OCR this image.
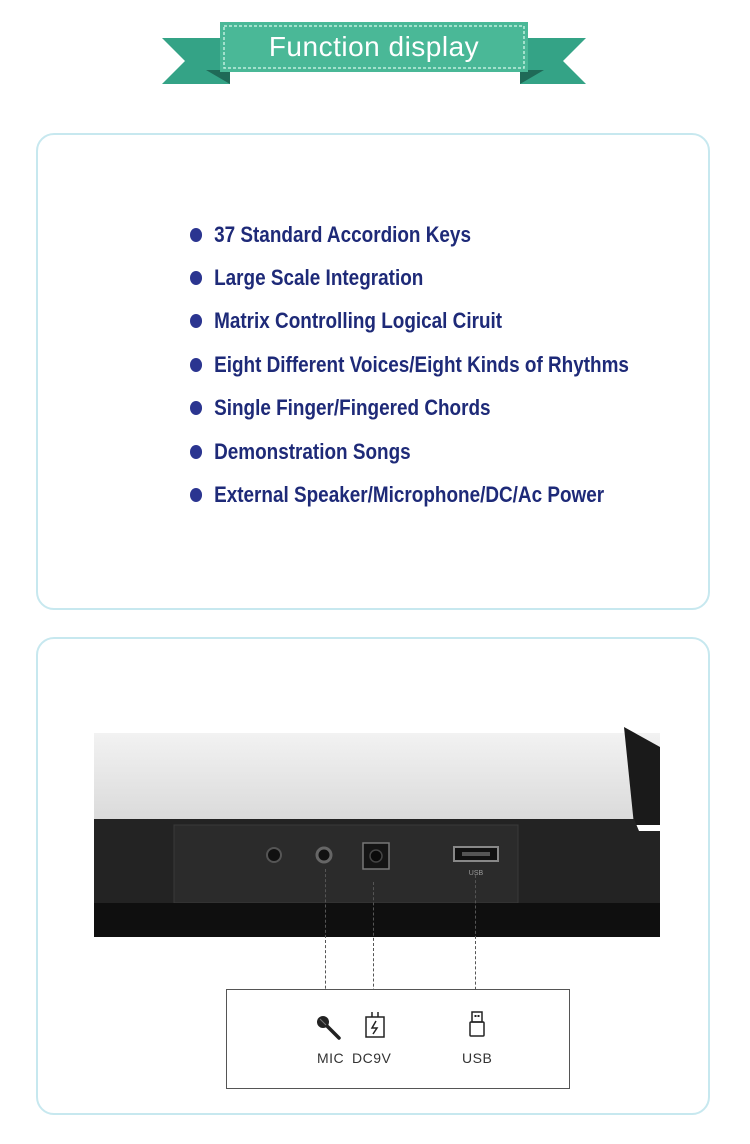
Function display
37 Standard Accordion Keys
Large Scale Integration
Matrix Controlling Logical Ciruit
Eight Different Voices/Eight Kinds of Rhythms
Single Finger/Fingered Chords
Demonstration Songs
External Speaker/Microphone/DC/Ac Power
USB
MIC DC9V	USB
